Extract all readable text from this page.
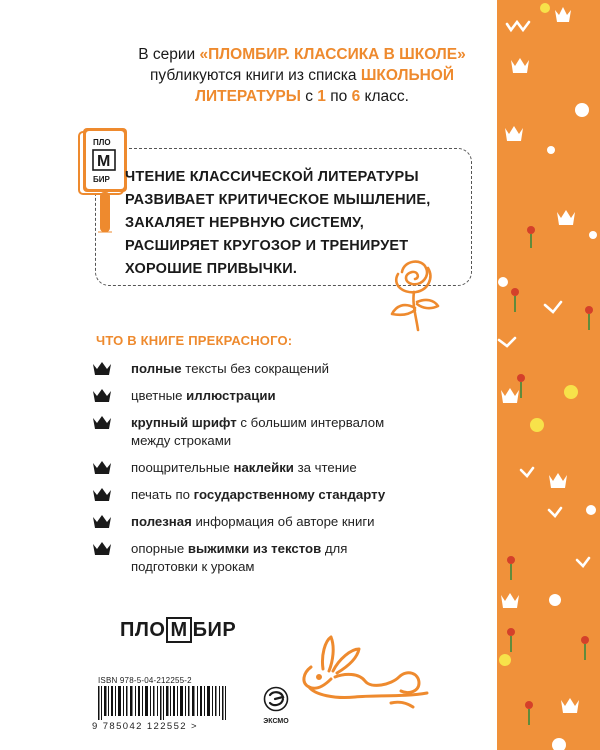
В серии «ПЛОМБИР. КЛАССИКА В ШКОЛЕ» публикуются книги из списка ШКОЛЬНОЙ ЛИТЕРАТУРЫ с 1 по 6 класс.
ПЛО
М
БИР ЧТЕНИЕ КЛАССИЧЕСКОЙ ЛИТЕРАТУРЫ
РАЗВИВАЕТ КРИТИЧЕСКОЕ МЫШЛЕНИЕ,
ЗАКАЛЯЕТ НЕРВНУЮ СИСТЕМУ,
РАСШИРЯЕТ КРУГОЗОР И ТРЕНИРУЕТ
ХОРОШИЕ ПРИВЫЧКИ.
ЧТО В КНИГЕ ПРЕКРАСНОГО:
полные тексты без сокращений
цветные иллюстрации
крупный шрифт с большим интервалом между строками
поощрительные наклейки за чтение
печать по государственному стандарту
полезная информация об авторе книги
опорные выжимки из текстов для подготовки к урокам
ПЛО М БИР
ISBN 978-5-04-212255-2
9 785042 122552 >	ЭКСМО
